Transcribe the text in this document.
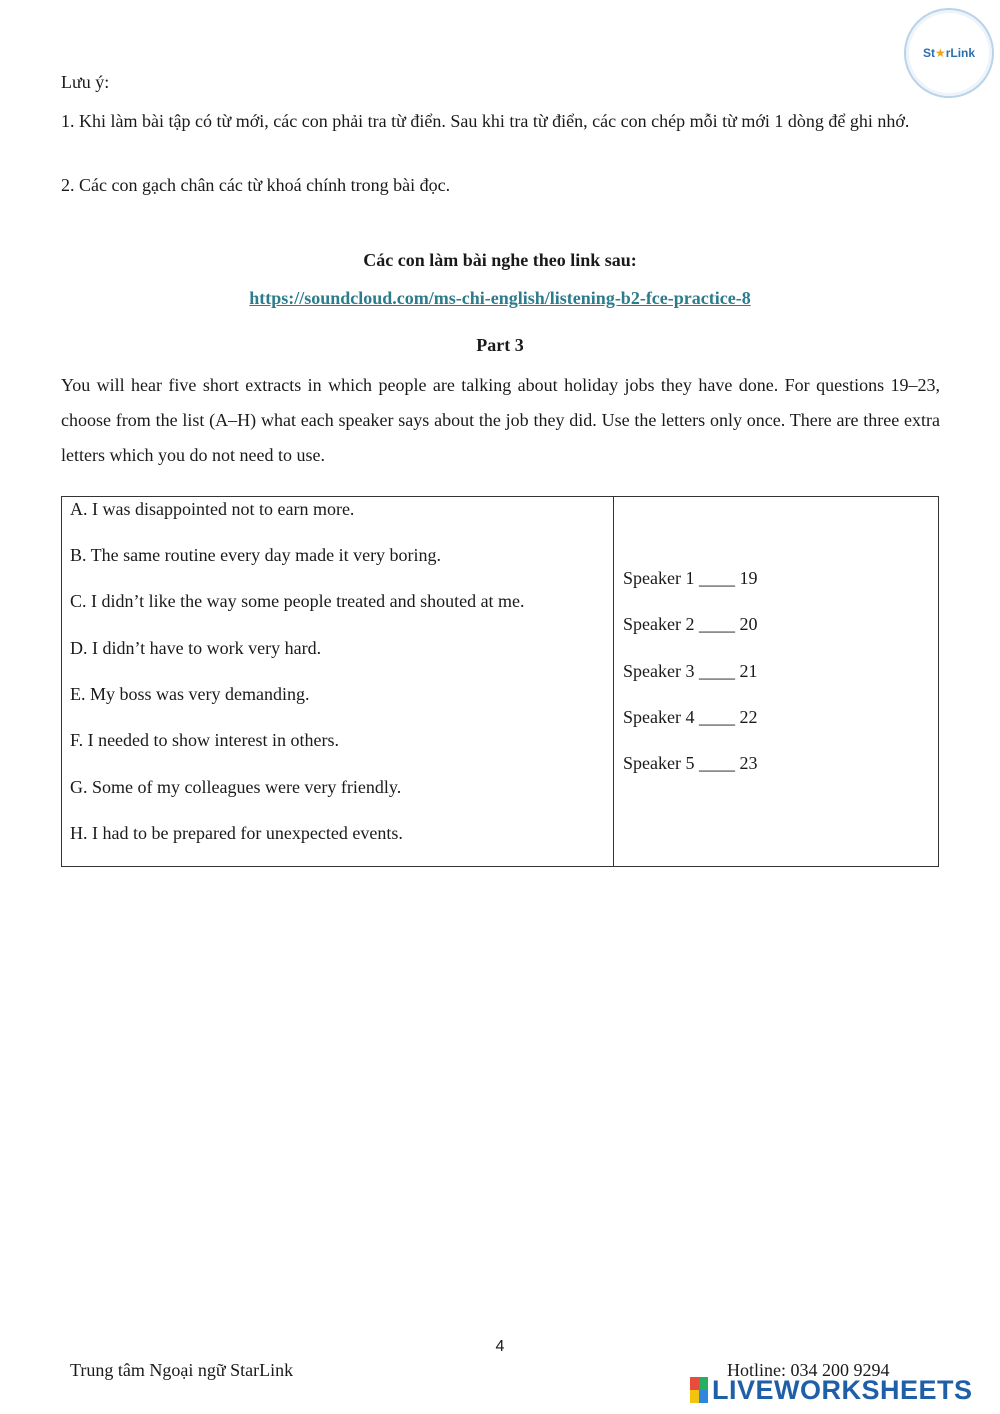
St ★ rLink
Lưu ý:
1. Khi làm bài tập có từ mới, các con phải tra từ điển. Sau khi tra từ điển, các con chép mỗi từ mới 1 dòng để ghi nhớ.
2. Các con gạch chân các từ khoá chính trong bài đọc.
Các con làm bài nghe theo link sau:
https://soundcloud.com/ms-chi-english/listening-b2-fce-practice-8
Part 3
You will hear five short extracts in which people are talking about holiday jobs they have done. For questions 19–23, choose from the list (A–H) what each speaker says about the job they did. Use the letters only once. There are three extra letters which you do not need to use.
A. I was disappointed not to earn more.
B. The same routine every day made it very boring.
C. I didn’t like the way some people treated and shouted at me.
D. I didn’t have to work very hard.
E. My boss was very demanding.
F. I needed to show interest in others.
G. Some of my colleagues were very friendly.
H. I had to be prepared for unexpected events.
Speaker 1 ____ 19
Speaker 2 ____ 20
Speaker 3 ____ 21
Speaker 4 ____ 22
Speaker 5 ____ 23
4
Trung tâm Ngoại ngữ StarLink	Hotline: 034 200 9294
LIVEWORKSHEETS
